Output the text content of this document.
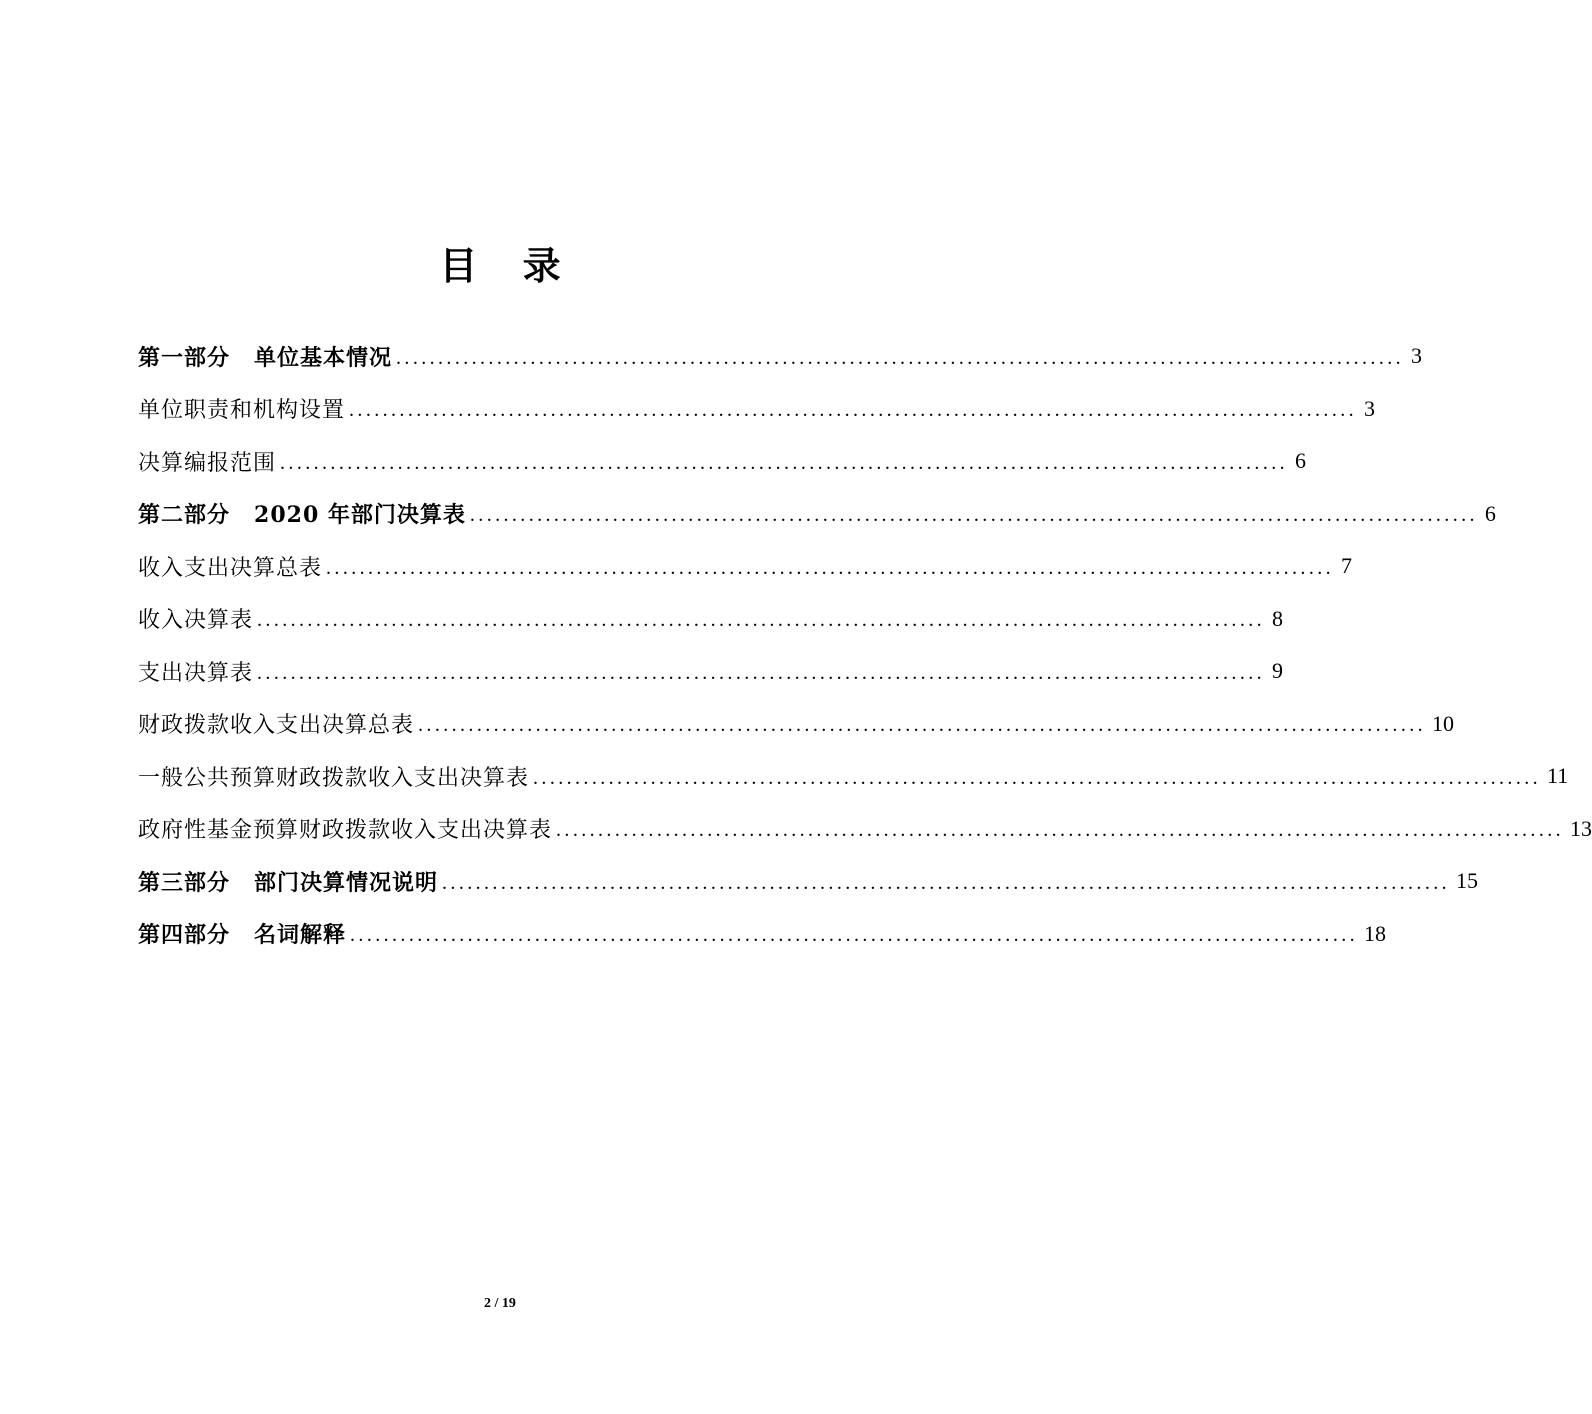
目 录
第一部分 单位基本情况 ........................................................................................................................ 3
单位职责和机构设置 ........................................................................................................................ 3
决算编报范围 ........................................................................................................................ 6
第二部分 2020 年部门决算表 ........................................................................................................................ 6
收入支出决算总表 ........................................................................................................................ 7
收入决算表 ........................................................................................................................ 8
支出决算表 ........................................................................................................................ 9
财政拨款收入支出决算总表 ........................................................................................................................ 10
一般公共预算财政拨款收入支出决算表 ........................................................................................................................ 11
政府性基金预算财政拨款收入支出决算表 ........................................................................................................................ 13
第三部分 部门决算情况说明 ........................................................................................................................ 15
第四部分 名词解释 ........................................................................................................................ 18
2 / 19
